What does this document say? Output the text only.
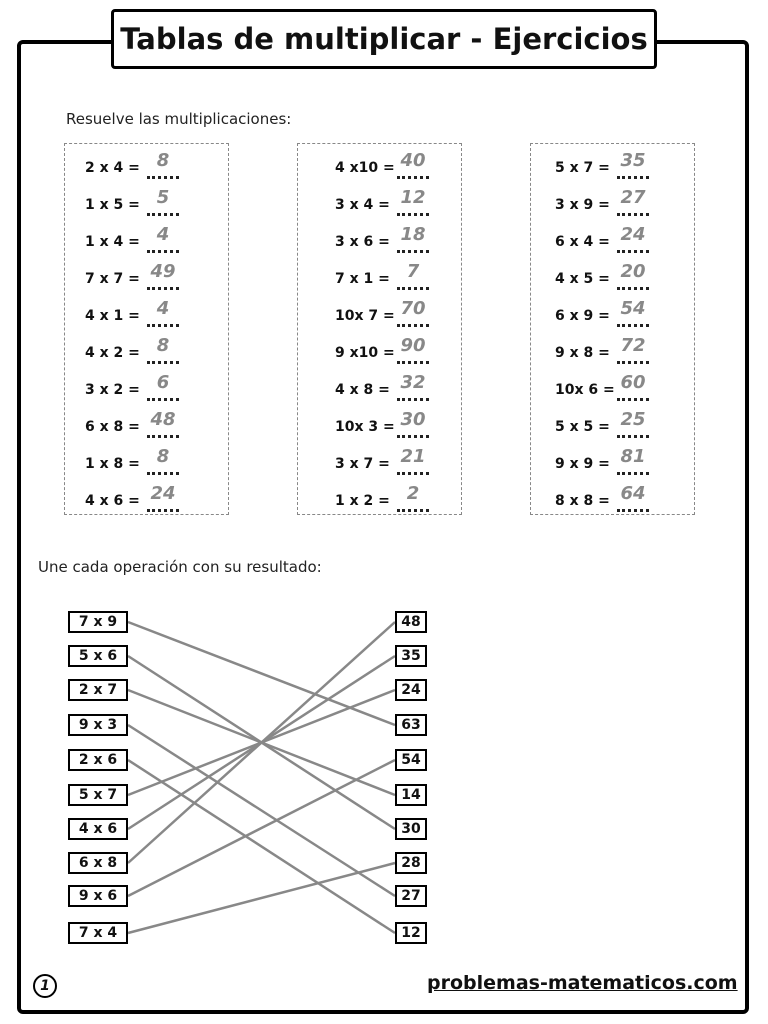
Tablas de multiplicar - Ejercicios
Resuelve las multiplicaciones:
2 x 4 = 8
1 x 5 = 5
1 x 4 = 4
7 x 7 = 49
4 x 1 = 4
4 x 2 = 8
3 x 2 = 6
6 x 8 = 48
1 x 8 = 8
4 x 6 = 24
4 x10 = 40
3 x 4 = 12
3 x 6 = 18
7 x 1 = 7
10x 7 = 70
9 x10 = 90
4 x 8 = 32
10x 3 = 30
3 x 7 = 21
1 x 2 = 2
5 x 7 = 35
3 x 9 = 27
6 x 4 = 24
4 x 5 = 20
6 x 9 = 54
9 x 8 = 72
10x 6 = 60
5 x 5 = 25
9 x 9 = 81
8 x 8 = 64
Une cada operación con su resultado:
7 x 9
5 x 6
2 x 7
9 x 3
2 x 6
5 x 7
4 x 6
6 x 8
9 x 6
7 x 4
48
35
24
63
54
14
30
28
27
12
1	problemas-matematicos.com
